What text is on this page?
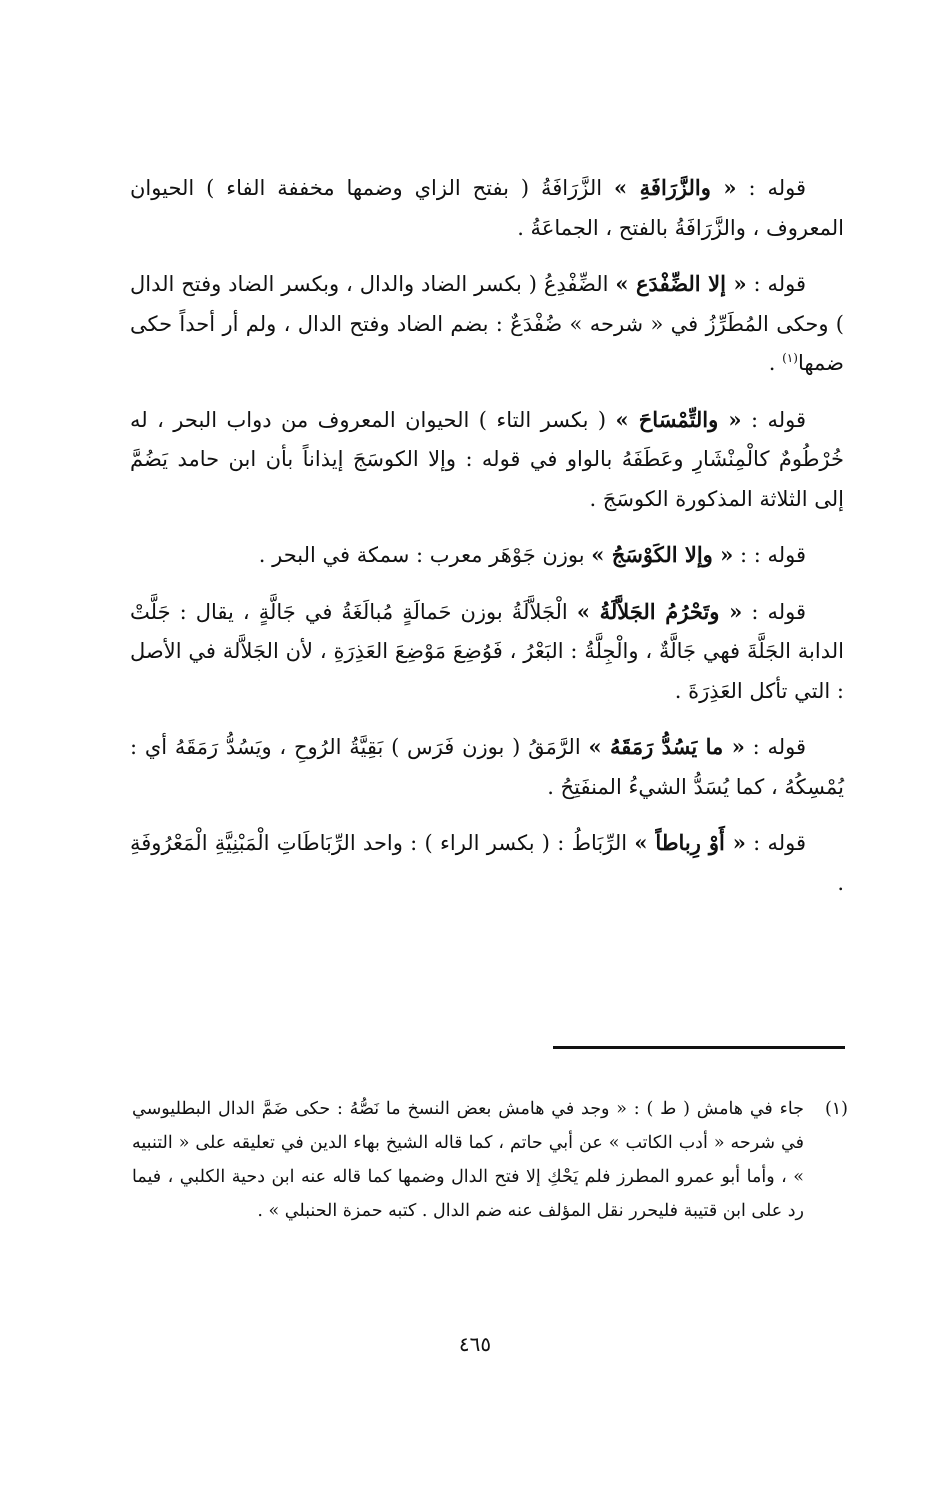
قوله : « والزَّرَافَةِ » الزَّرَافَةُ ( بفتح الزاي وضمها مخففة الفاء ) الحيوان المعروف ، والزَّرَافَةُ بالفتح ، الجماعَةُ .

قوله : « إلا الضِّفْدَع » الضِّفْدِعُ ( بكسر الضاد والدال ، وبكسر الضاد وفتح الدال ) وحكى المُطَرِّزُ في « شرحه » ضُفْدَعٌ : بضم الضاد وفتح الدال ، ولم أر أحداً حكى ضمها$^{(١)}$ .

قوله : « والتِّمْسَاحَ » ( بكسر التاء ) الحيوان المعروف من دواب البحر ، له خُرْطُومٌ كالْمِنْشَارِ وعَطَفَهُ بالواو في قوله : وإلا الكوسَجَ إيذاناً بأن ابن حامد يَضُمَّ إلى الثلاثة المذكورة الكوسَجَ .

قوله : : « وإلا الكَوْسَجُ » بوزن جَوْهَر معرب : سمكة في البحر .

قوله : « وتَحْرُمُ الجَلاَّلَةُ » الْجَلاَّلَةُ بوزن حَمالَةٍ مُبالَغَةُ في جَالَّةٍ ، يقال : جَلَّتْ الدابة الجَلَّةَ فهي جَالَّةٌ ، والْجِلَّةُ : البَعْرُ ، فَوُضِعَ مَوْضِعَ العَذِرَةِ ، لأن الجَلاَّلة في الأصل : التي تأكل العَذِرَةَ .

قوله : « ما يَسُدُّ رَمَقَهُ » الرَّمَقُ ( بوزن فَرَس ) بَقِيَّةُ الرُوحِ ، ويَسُدُّ رَمَقَهُ أي : يُمْسِكُهُ ، كما يُسَدُّ الشيءُ المنفَتِحُ .

قوله : « أَوْ رِباطاً » الرِّبَاطُ : ( بكسر الراء ) : واحد الرِّبَاطَاتِ الْمَبْنِيَّةِ الْمَعْرُوفَةِ .

(١)
جاء في هامش ( ط ) : « وجد في هامش بعض النسخ ما نَصُّهُ : حكى ضَمَّ الدال البطليوسي في شرحه « أدب الكاتب » عن أبي حاتم ، كما قاله الشيخ بهاء الدين في تعليقه على « التنبيه » ، وأما أبو عمرو المطرز فلم يَحْكِ إلا فتح الدال وضمها كما قاله عنه ابن دحية الكلبي ، فيما رد على ابن قتيبة فليحرر نقل المؤلف عنه ضم الدال . كتبه حمزة الحنبلي » .
٤٦٥
